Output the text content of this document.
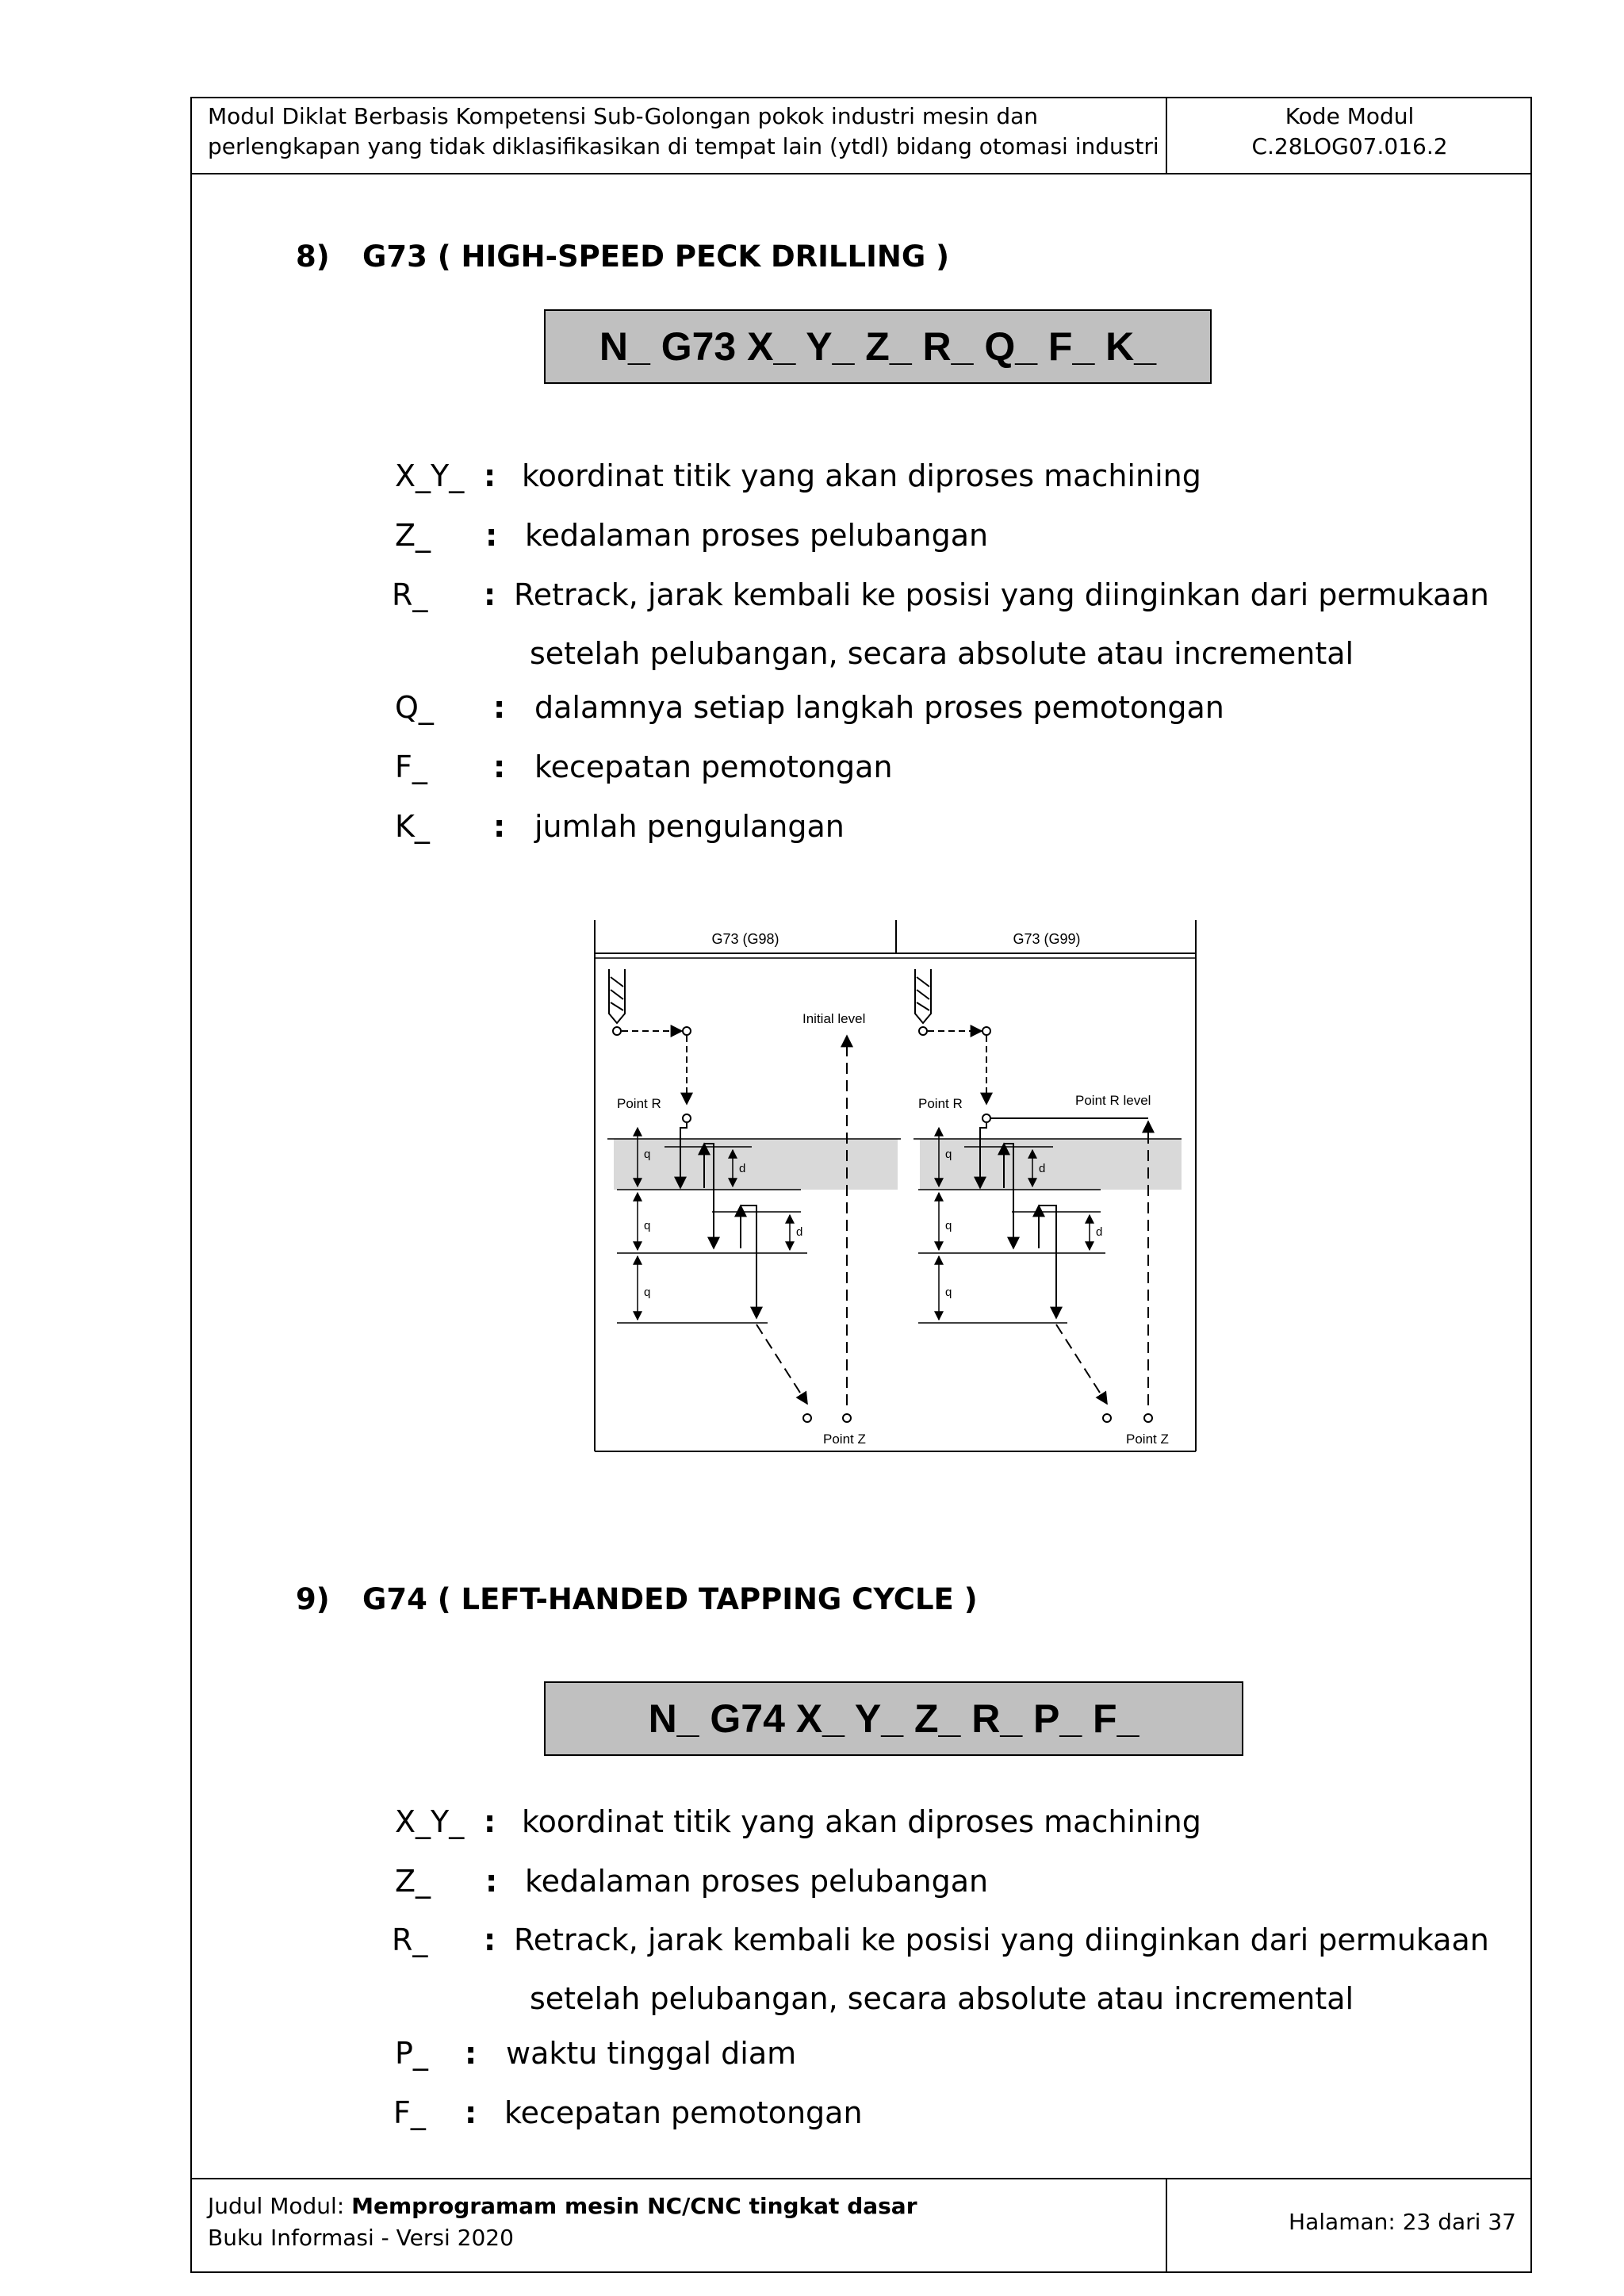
Modul Diklat Berbasis Kompetensi Sub-Golongan pokok industri mesin dan
perlengkapan yang tidak diklasifikasikan di tempat lain (ytdl) bidang otomasi industri
Kode Modul
C.28LOG07.016.2
Judul Modul: Memprogramam mesin NC/CNC tingkat dasar
Buku Informasi - Versi 2020
Halaman: 23 dari 37
8) G73 ( HIGH-SPEED PECK DRILLING )
N_ G73 X_ Y_ Z_ R_ Q_ F_ K_
X_Y_ : koordinat titik yang akan diproses machining
Z_ : kedalaman proses pelubangan
R_ : Retrack, jarak kembali ke posisi yang diinginkan dari permukaan
setelah pelubangan, secara absolute atau incremental
Q_ : dalamnya setiap langkah proses pemotongan
F_ : kecepatan pemotongan
K_ : jumlah pengulangan
G73 (G98)	G73 (G99)
Point R
Initial level
Point Z
q
q
q
d
d
Point R	Point R level
Point Z
q
q
q
d
d
9) G74 ( LEFT-HANDED TAPPING CYCLE )
N_ G74 X_ Y_ Z_ R_ P_ F_
X_Y_ : koordinat titik yang akan diproses machining
Z_ : kedalaman proses pelubangan
R_ : Retrack, jarak kembali ke posisi yang diinginkan dari permukaan
setelah pelubangan, secara absolute atau incremental
P_ : waktu tinggal diam
F_ : kecepatan pemotongan
